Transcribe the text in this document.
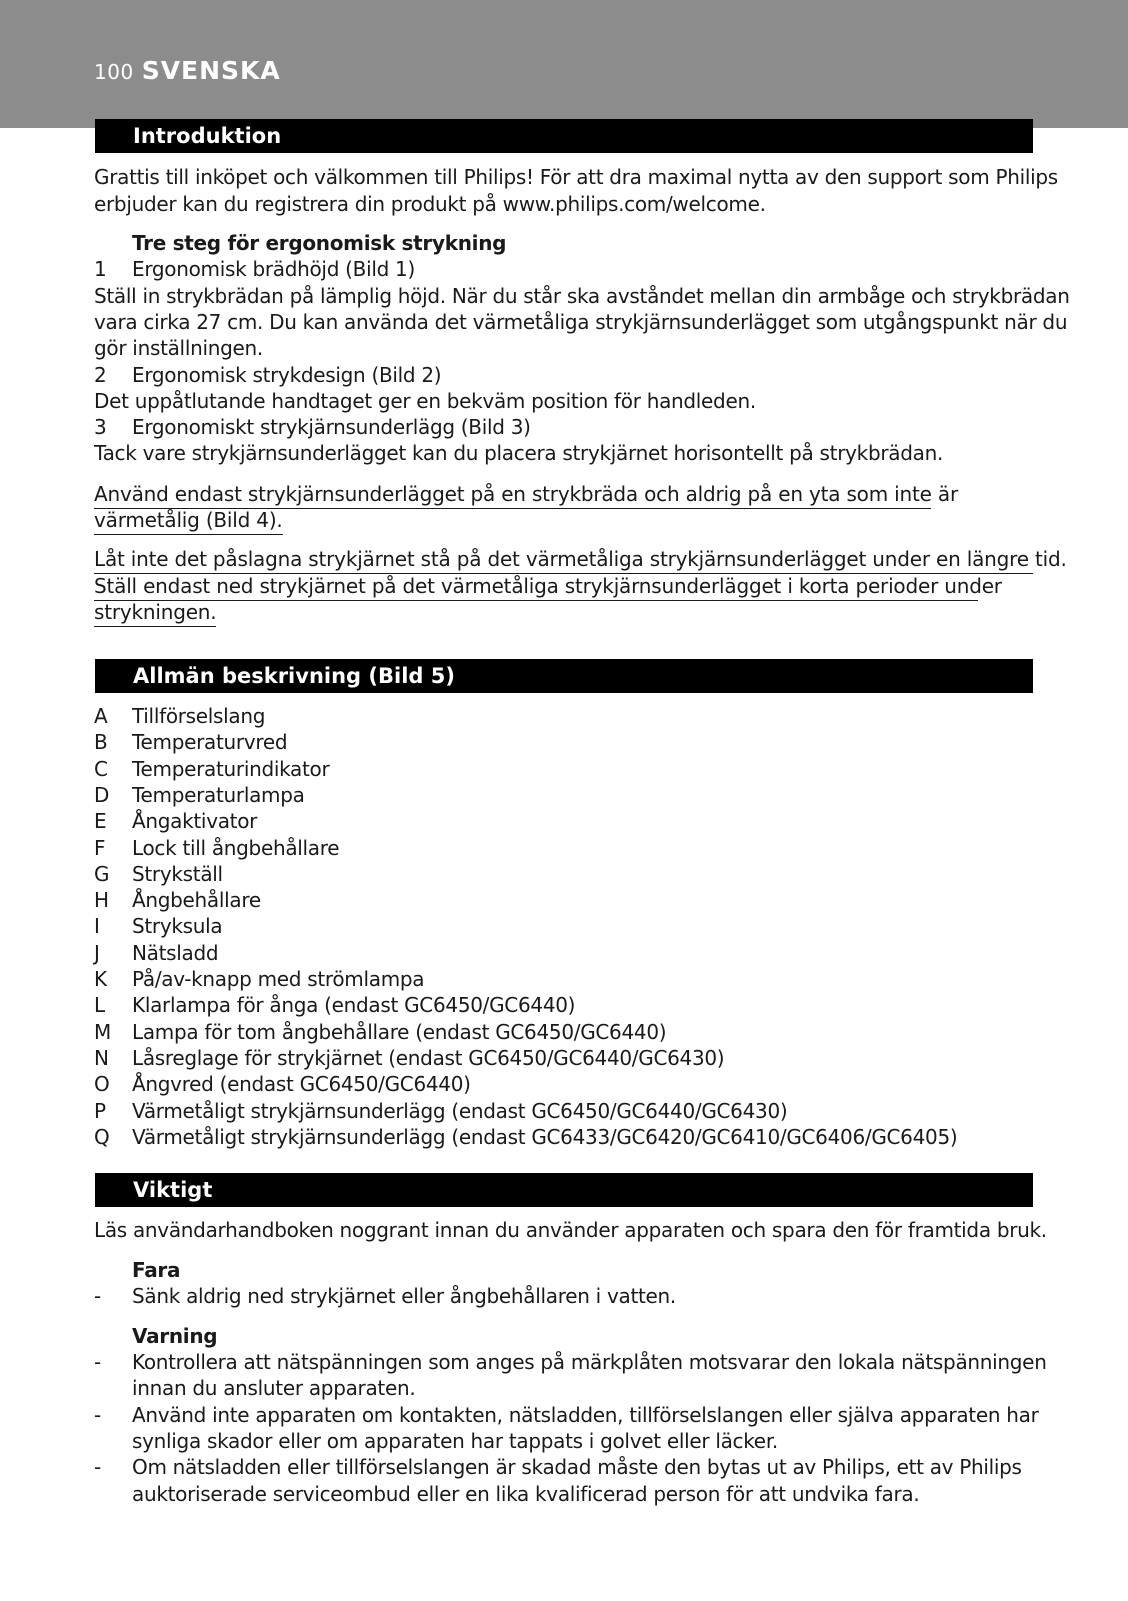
100 SVENSKA
Introduktion
Grattis till inköpet och välkommen till Philips! För att dra maximal nytta av den support som Philips
erbjuder kan du registrera din produkt på www.philips.com/welcome.
Tre steg för ergonomisk strykning
1 Ergonomisk brädhöjd (Bild 1)
Ställ in strykbrädan på lämplig höjd. När du står ska avståndet mellan din armbåge och strykbrädan
vara cirka 27 cm. Du kan använda det värmetåliga strykjärnsunderlägget som utgångspunkt när du
gör inställningen.
2 Ergonomisk strykdesign (Bild 2)
Det uppåtlutande handtaget ger en bekväm position för handleden.
3 Ergonomiskt strykjärnsunderlägg (Bild 3)
Tack vare strykjärnsunderlägget kan du placera strykjärnet horisontellt på strykbrädan.
Använd endast strykjärnsunderlägget på en strykbräda och aldrig på en yta som inte är
värmetålig (Bild 4).
Låt inte det påslagna strykjärnet stå på det värmetåliga strykjärnsunderlägget under en längre tid.
Ställ endast ned strykjärnet på det värmetåliga strykjärnsunderlägget i korta perioder under
strykningen.
Allmän beskrivning (Bild 5)
A Tillförselslang
B Temperaturvred
C Temperaturindikator
D Temperaturlampa
E Ångaktivator
F Lock till ångbehållare
G Strykställ
H Ångbehållare
I Stryksula
J Nätsladd
K På/av-knapp med strömlampa
L Klarlampa för ånga (endast GC6450/GC6440)
M Lampa för tom ångbehållare (endast GC6450/GC6440)
N Låsreglage för strykjärnet (endast GC6450/GC6440/GC6430)
O Ångvred (endast GC6450/GC6440)
P Värmetåligt strykjärnsunderlägg (endast GC6450/GC6440/GC6430)
Q Värmetåligt strykjärnsunderlägg (endast GC6433/GC6420/GC6410/GC6406/GC6405)
Viktigt
Läs användarhandboken noggrant innan du använder apparaten och spara den för framtida bruk.
Fara
- Sänk aldrig ned strykjärnet eller ångbehållaren i vatten.
Varning
- Kontrollera att nätspänningen som anges på märkplåten motsvarar den lokala nätspänningen
innan du ansluter apparaten.
- Använd inte apparaten om kontakten, nätsladden, tillförselslangen eller själva apparaten har
synliga skador eller om apparaten har tappats i golvet eller läcker.
- Om nätsladden eller tillförselslangen är skadad måste den bytas ut av Philips, ett av Philips
auktoriserade serviceombud eller en lika kvalificerad person för att undvika fara.
